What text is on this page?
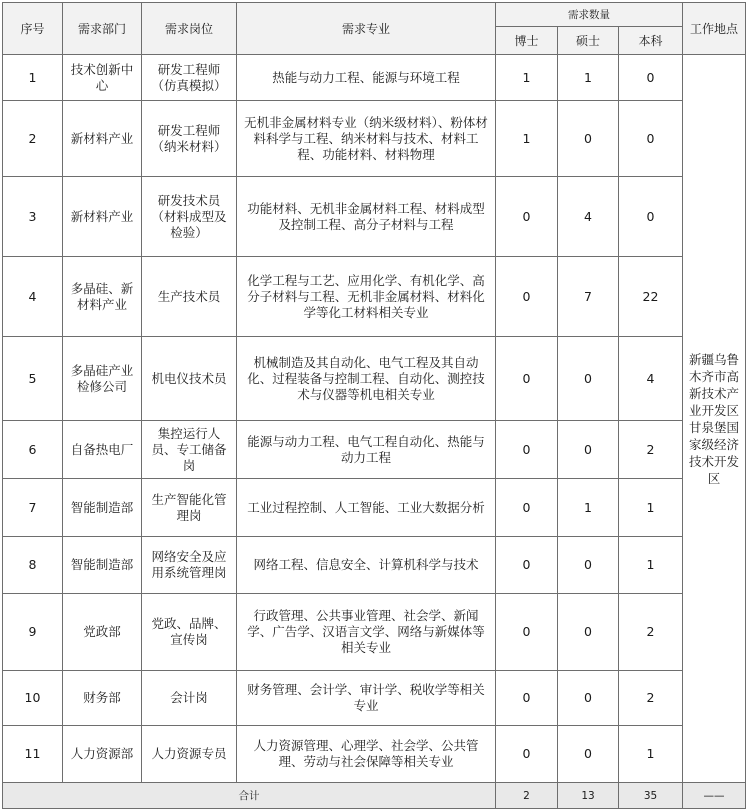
序号	需求部门	需求岗位	需求专业	需求数量			工作地点
				博士	硕士	本科	
1	技术创新中心	研发工程师（仿真模拟）	热能与动力工程、能源与环境工程	1	1	0	新疆乌鲁木齐市高新技术产业开发区甘泉堡国家级经济技术开发区
2	新材料产业	研发工程师（纳米材料）	无机非金属材料专业（纳米级材料）、粉体材料科学与工程、纳米材料与技术、材料工程、功能材料、材料物理	1	0	0	
3	新材料产业	研发技术员（材料成型及检验）	功能材料、无机非金属材料工程、材料成型及控制工程、高分子材料与工程	0	4	0	
4	多晶硅、新材料产业	生产技术员	化学工程与工艺、应用化学、有机化学、高分子材料与工程、无机非金属材料、材料化学等化工材料相关专业	0	7	22	
5	多晶硅产业检修公司	机电仪技术员	机械制造及其自动化、电气工程及其自动化、过程装备与控制工程、自动化、测控技术与仪器等机电相关专业	0	0	4	
6	自备热电厂	集控运行人员、专工储备岗	能源与动力工程、电气工程自动化、热能与动力工程	0	0	2	
7	智能制造部	生产智能化管理岗	工业过程控制、人工智能、工业大数据分析	0	1	1	
8	智能制造部	网络安全及应用系统管理岗	网络工程、信息安全、计算机科学与技术	0	0	1	
9	党政部	党政、品牌、宣传岗	行政管理、公共事业管理、社会学、新闻学、广告学、汉语言文学、网络与新媒体等相关专业	0	0	2	
10	财务部	会计岗	财务管理、会计学、审计学、税收学等相关专业	0	0	2	
11	人力资源部	人力资源专员	人力资源管理、心理学、社会学、公共管理、劳动与社会保障等相关专业	0	0	1	
合计				2	13	35	——
